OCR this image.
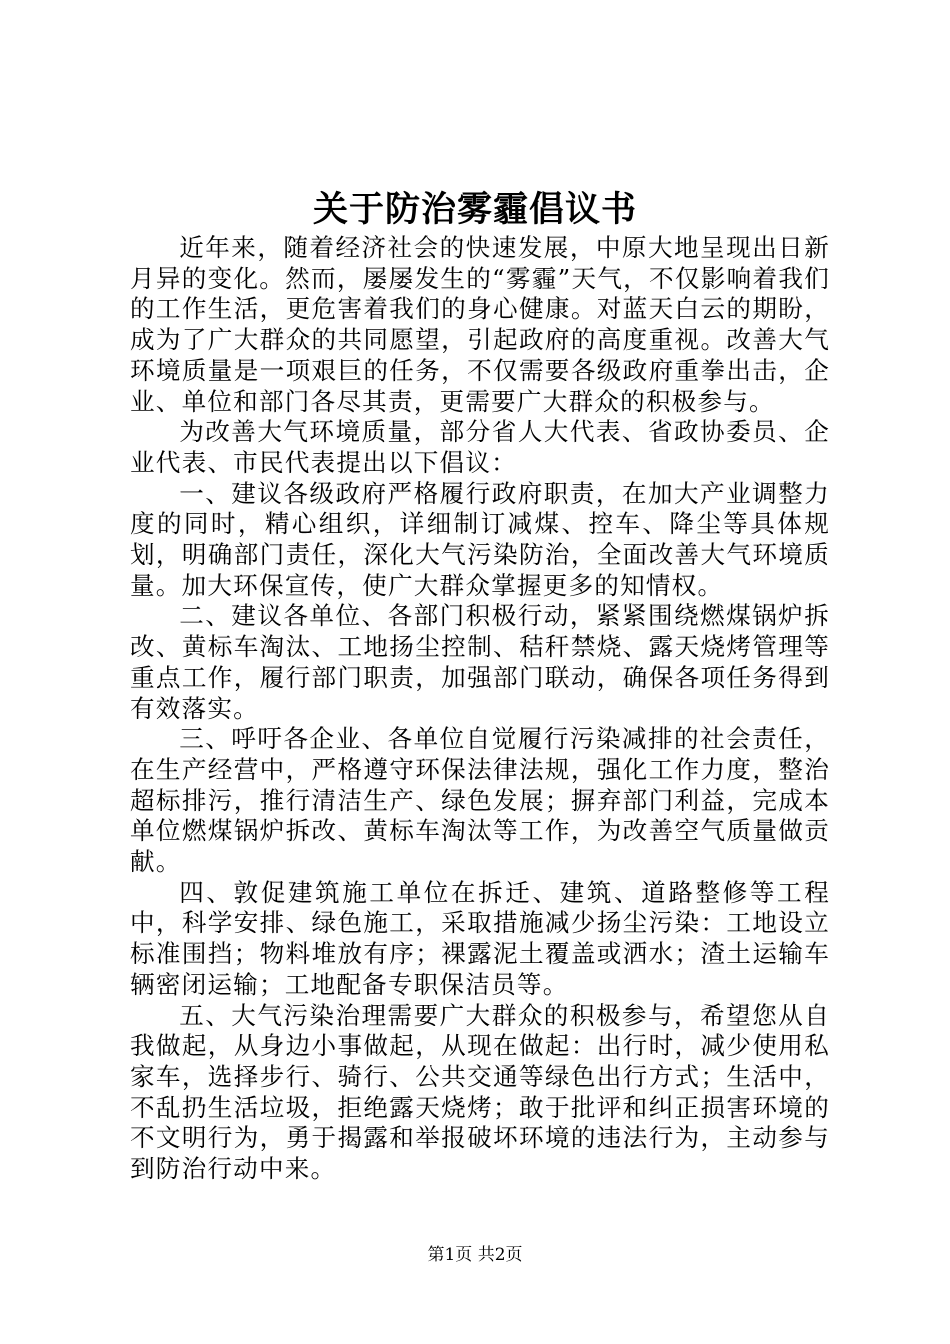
关于防治雾霾倡议书

近年来，随着经济社会的快速发展，中原大地呈现出日新月异的变化。然而，屡屡发生的“雾霾”天气，不仅影响着我们的工作生活，更危害着我们的身心健康。对蓝天白云的期盼，成为了广大群众的共同愿望，引起政府的高度重视。改善大气环境质量是一项艰巨的任务，不仅需要各级政府重拳出击，企业、单位和部门各尽其责，更需要广大群众的积极参与。

为改善大气环境质量，部分省人大代表、省政协委员、企业代表、市民代表提出以下倡议：

一、建议各级政府严格履行政府职责，在加大产业调整力度的同时，精心组织，详细制订减煤、控车、降尘等具体规划，明确部门责任，深化大气污染防治，全面改善大气环境质量。加大环保宣传，使广大群众掌握更多的知情权。

二、建议各单位、各部门积极行动，紧紧围绕燃煤锅炉拆改、黄标车淘汰、工地扬尘控制、秸秆禁烧、露天烧烤管理等重点工作，履行部门职责，加强部门联动，确保各项任务得到有效落实。

三、呼吁各企业、各单位自觉履行污染减排的社会责任，在生产经营中，严格遵守环保法律法规，强化工作力度，整治超标排污，推行清洁生产、绿色发展；摒弃部门利益，完成本单位燃煤锅炉拆改、黄标车淘汰等工作，为改善空气质量做贡献。

四、敦促建筑施工单位在拆迁、建筑、道路整修等工程中，科学安排、绿色施工，采取措施减少扬尘污染：工地设立标准围挡；物料堆放有序；裸露泥土覆盖或洒水；渣土运输车辆密闭运输；工地配备专职保洁员等。

五、大气污染治理需要广大群众的积极参与，希望您从自我做起，从身边小事做起，从现在做起：出行时，减少使用私家车，选择步行、骑行、公共交通等绿色出行方式；生活中，不乱扔生活垃圾，拒绝露天烧烤；敢于批评和纠正损害环境的不文明行为，勇于揭露和举报破坏环境的违法行为，主动参与到防治行动中来。

第1页 共2页
